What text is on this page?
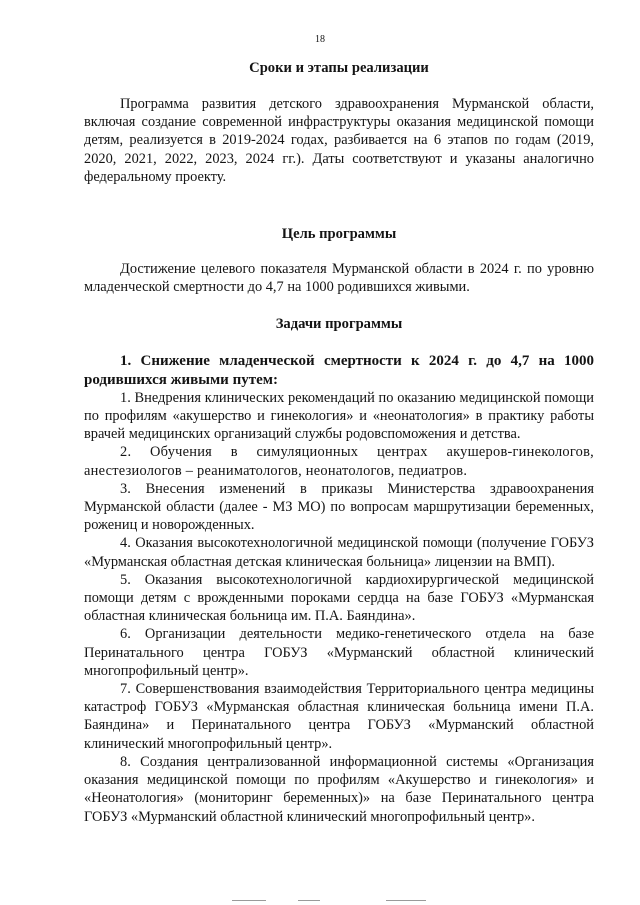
18

Сроки и этапы реализации

Программа развития детского здравоохранения Мурманской области, включая создание современной инфраструктуры оказания медицинской помощи детям, реализуется в 2019-2024 годах, разбивается на 6 этапов по годам (2019, 2020, 2021, 2022, 2023, 2024 гг.). Даты соответствуют и указаны аналогично федеральному проекту.

Цель программы

Достижение целевого показателя Мурманской области в 2024 г. по уровню младенческой смертности до 4,7 на 1000 родившихся живыми.

Задачи программы

1. Снижение младенческой смертности к 2024 г. до 4,7 на 1000 родившихся живыми путем:

1. Внедрения клинических рекомендаций по оказанию медицинской помощи по профилям «акушерство и гинекология» и «неонатология» в практику работы врачей медицинских организаций службы родовспоможения и детства.

2. Обучения в симуляционных центрах акушеров-гинекологов, анестезиологов – реаниматологов, неонатологов, педиатров.

3. Внесения изменений в приказы Министерства здравоохранения Мурманской области (далее - МЗ МО) по вопросам маршрутизации беременных, рожениц и новорожденных.

4. Оказания высокотехнологичной медицинской помощи (получение ГОБУЗ «Мурманская областная детская клиническая больница» лицензии на ВМП).

5. Оказания высокотехнологичной кардиохирургической медицинской помощи детям с врожденными пороками сердца на базе ГОБУЗ «Мурманская областная клиническая больница им. П.А. Баяндина».

6. Организации деятельности медико-генетического отдела на базе Перинатального центра ГОБУЗ «Мурманский областной клинический многопрофильный центр».

7. Совершенствования взаимодействия Территориального центра медицины катастроф ГОБУЗ «Мурманская областная клиническая больница имени П.А. Баяндина» и Перинатального центра ГОБУЗ «Мурманский областной клинический многопрофильный центр».

8. Создания централизованной информационной системы «Организация оказания медицинской помощи по профилям «Акушерство и гинекология» и «Неонатология» (мониторинг беременных)» на базе Перинатального центра ГОБУЗ «Мурманский областной клинический многопрофильный центр».
